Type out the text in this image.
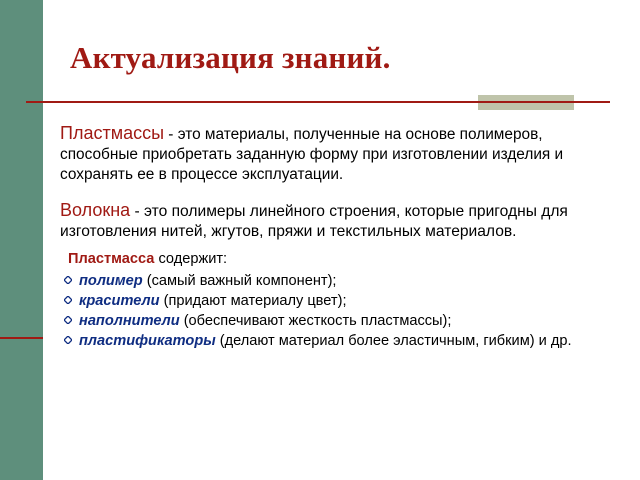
Актуализация знаний.

Пластмассы - это материалы, полученные на основе полимеров, способные приобретать заданную форму при изготовлении изделия и сохранять ее в процессе эксплуатации.

Волокна - это полимеры линейного строения, которые пригодны для изготовления нитей, жгутов, пряжи и текстильных материалов.

Пластмасса содержит:

полимер (самый важный компонент);
красители (придают материалу цвет);
наполнители (обеспечивают жесткость пластмассы);
пластификаторы (делают материал более эластичным, гибким) и др.
